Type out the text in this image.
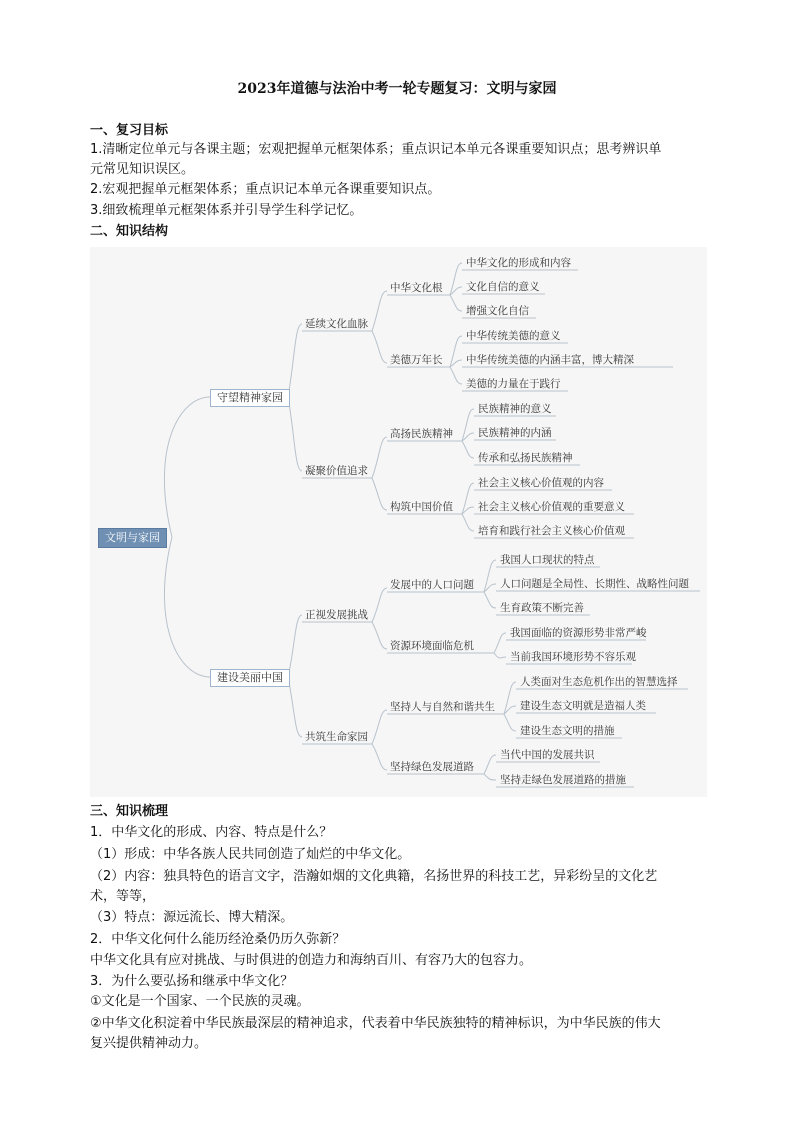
2023年道德与法治中考一轮专题复习：文明与家园
一、复习目标
1.清晰定位单元与各课主题；宏观把握单元框架体系；重点识记本单元各课重要知识点；思考辨识单
元常见知识误区。
2.宏观把握单元框架体系；重点识记本单元各课重要知识点。
3.细致梳理单元框架体系并引导学生科学记忆。
二、知识结构
文明与家园
守望精神家园
建设美丽中国
延续文化血脉
凝聚价值追求
正视发展挑战
共筑生命家园
中华文化根
美德万年长
高扬民族精神
构筑中国价值
发展中的人口问题
资源环境面临危机
坚持人与自然和谐共生
坚持绿色发展道路
中华文化的形成和内容
文化自信的意义
增强文化自信
中华传统美德的意义
中华传统美德的内涵丰富，博大精深
美德的力量在于践行
民族精神的意义
民族精神的内涵
传承和弘扬民族精神
社会主义核心价值观的内容
社会主义核心价值观的重要意义
培育和践行社会主义核心价值观
我国人口现状的特点
人口问题是全局性、长期性、战略性问题
生育政策不断完善
我国面临的资源形势非常严峻
当前我国环境形势不容乐观
人类面对生态危机作出的智慧选择
建设生态文明就是造福人类
建设生态文明的措施
当代中国的发展共识
坚持走绿色发展道路的措施
三、知识梳理
1．中华文化的形成、内容、特点是什么？
（1）形成：中华各族人民共同创造了灿烂的中华文化。
（2）内容：独具特色的语言文字，浩瀚如烟的文化典籍，名扬世界的科技工艺，异彩纷呈的文化艺
术，等等，
（3）特点：源远流长、博大精深。
2．中华文化何什么能历经沧桑仍历久弥新？
中华文化具有应对挑战、与时俱进的创造力和海纳百川、有容乃大的包容力。
3．为什么要弘扬和继承中华文化？
①文化是一个国家、一个民族的灵魂。
②中华文化积淀着中华民族最深层的精神追求，代表着中华民族独特的精神标识，为中华民族的伟大
复兴提供精神动力。
